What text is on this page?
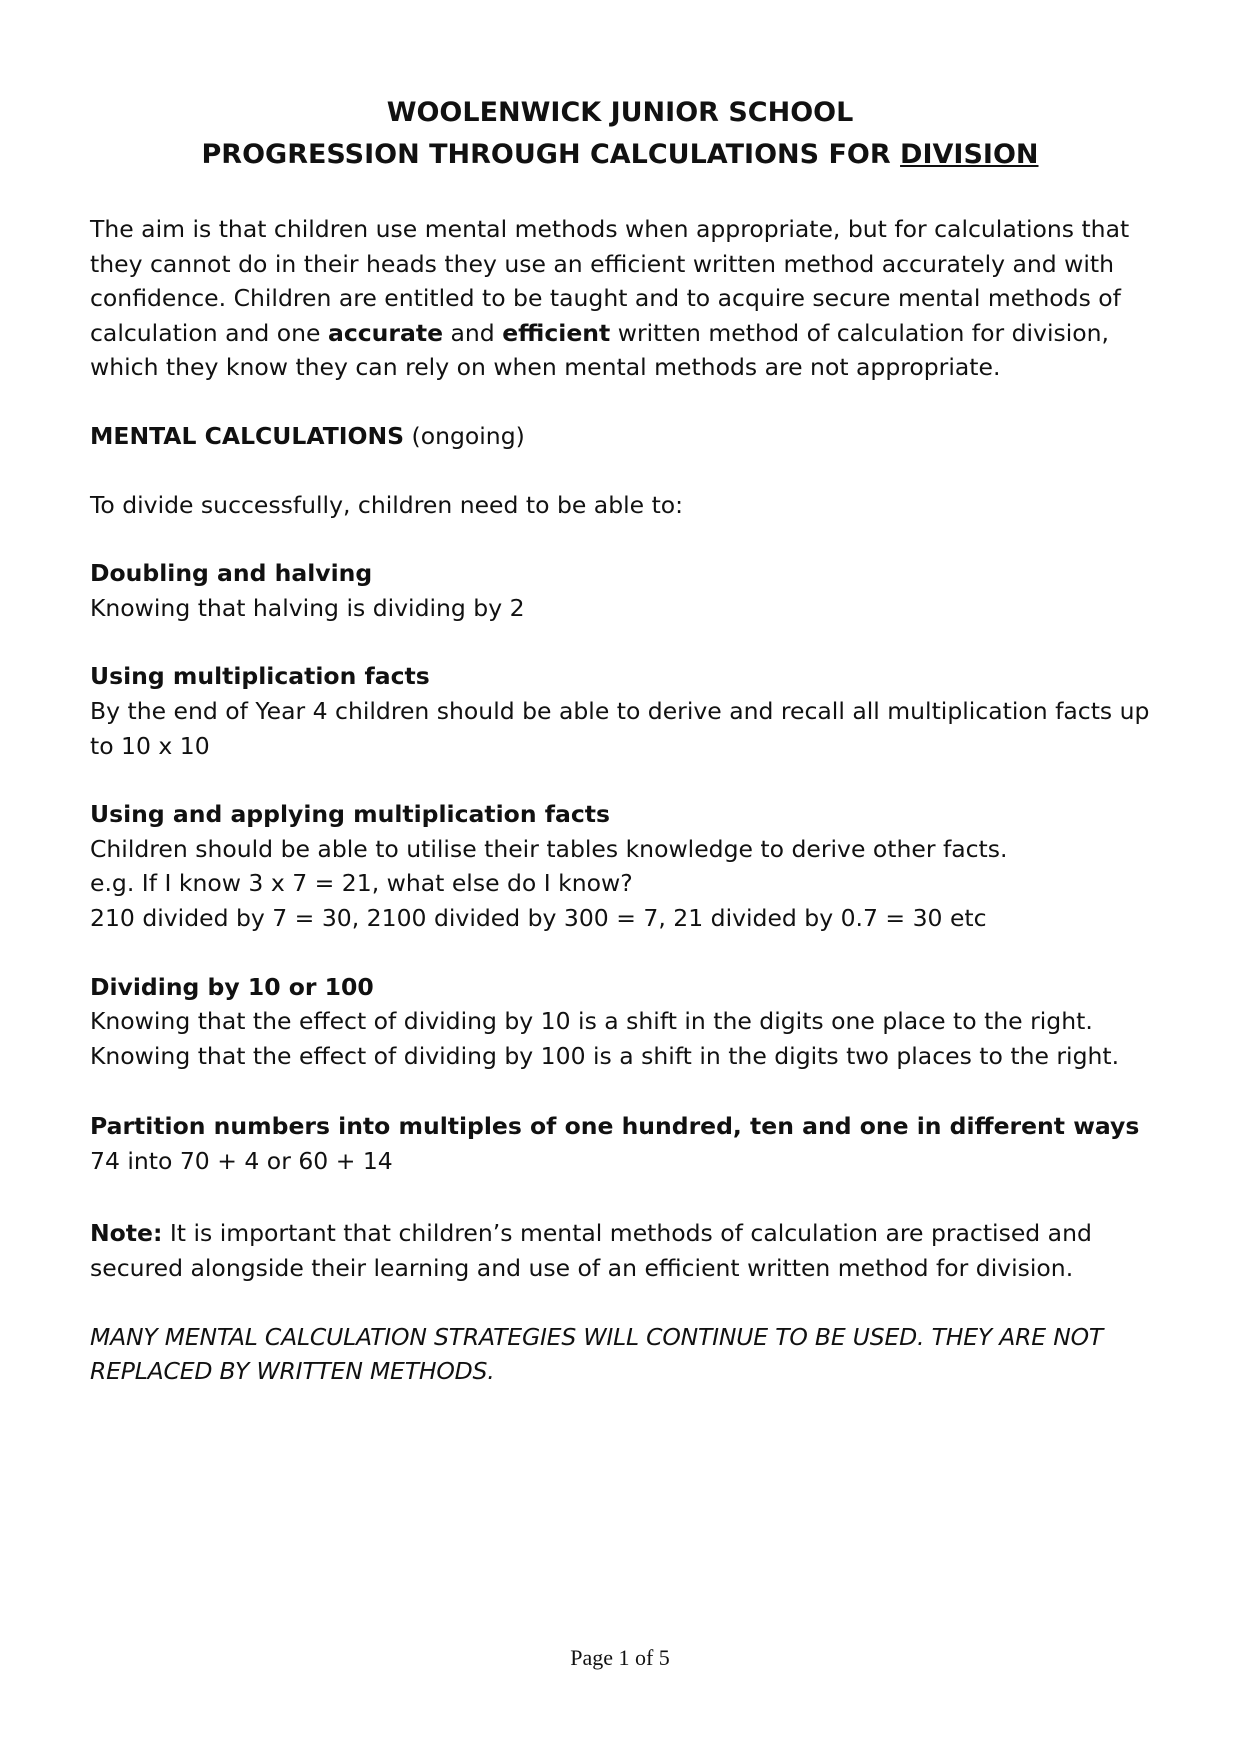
WOOLENWICK JUNIOR SCHOOL
PROGRESSION THROUGH CALCULATIONS FOR DIVISION

The aim is that children use mental methods when appropriate, but for calculations that they cannot do in their heads they use an efficient written method accurately and with confidence. Children are entitled to be taught and to acquire secure mental methods of calculation and one accurate and efficient written method of calculation for division, which they know they can rely on when mental methods are not appropriate.

MENTAL CALCULATIONS (ongoing)

To divide successfully, children need to be able to:

Doubling and halving

Knowing that halving is dividing by 2

Using multiplication facts

By the end of Year 4 children should be able to derive and recall all multiplication facts up to 10 x 10

Using and applying multiplication facts

Children should be able to utilise their tables knowledge to derive other facts.

e.g. If I know 3 x 7 = 21, what else do I know?

210 divided by 7 = 30, 2100 divided by 300 = 7, 21 divided by 0.7 = 30 etc

Dividing by 10 or 100

Knowing that the effect of dividing by 10 is a shift in the digits one place to the right.

Knowing that the effect of dividing by 100 is a shift in the digits two places to the right.

Partition numbers into multiples of one hundred, ten and one in different ways

74 into 70 + 4 or 60 + 14

Note: It is important that children’s mental methods of calculation are practised and secured alongside their learning and use of an efficient written method for division.

MANY MENTAL CALCULATION STRATEGIES WILL CONTINUE TO BE USED. THEY ARE NOT REPLACED BY WRITTEN METHODS.

Page 1 of 5
